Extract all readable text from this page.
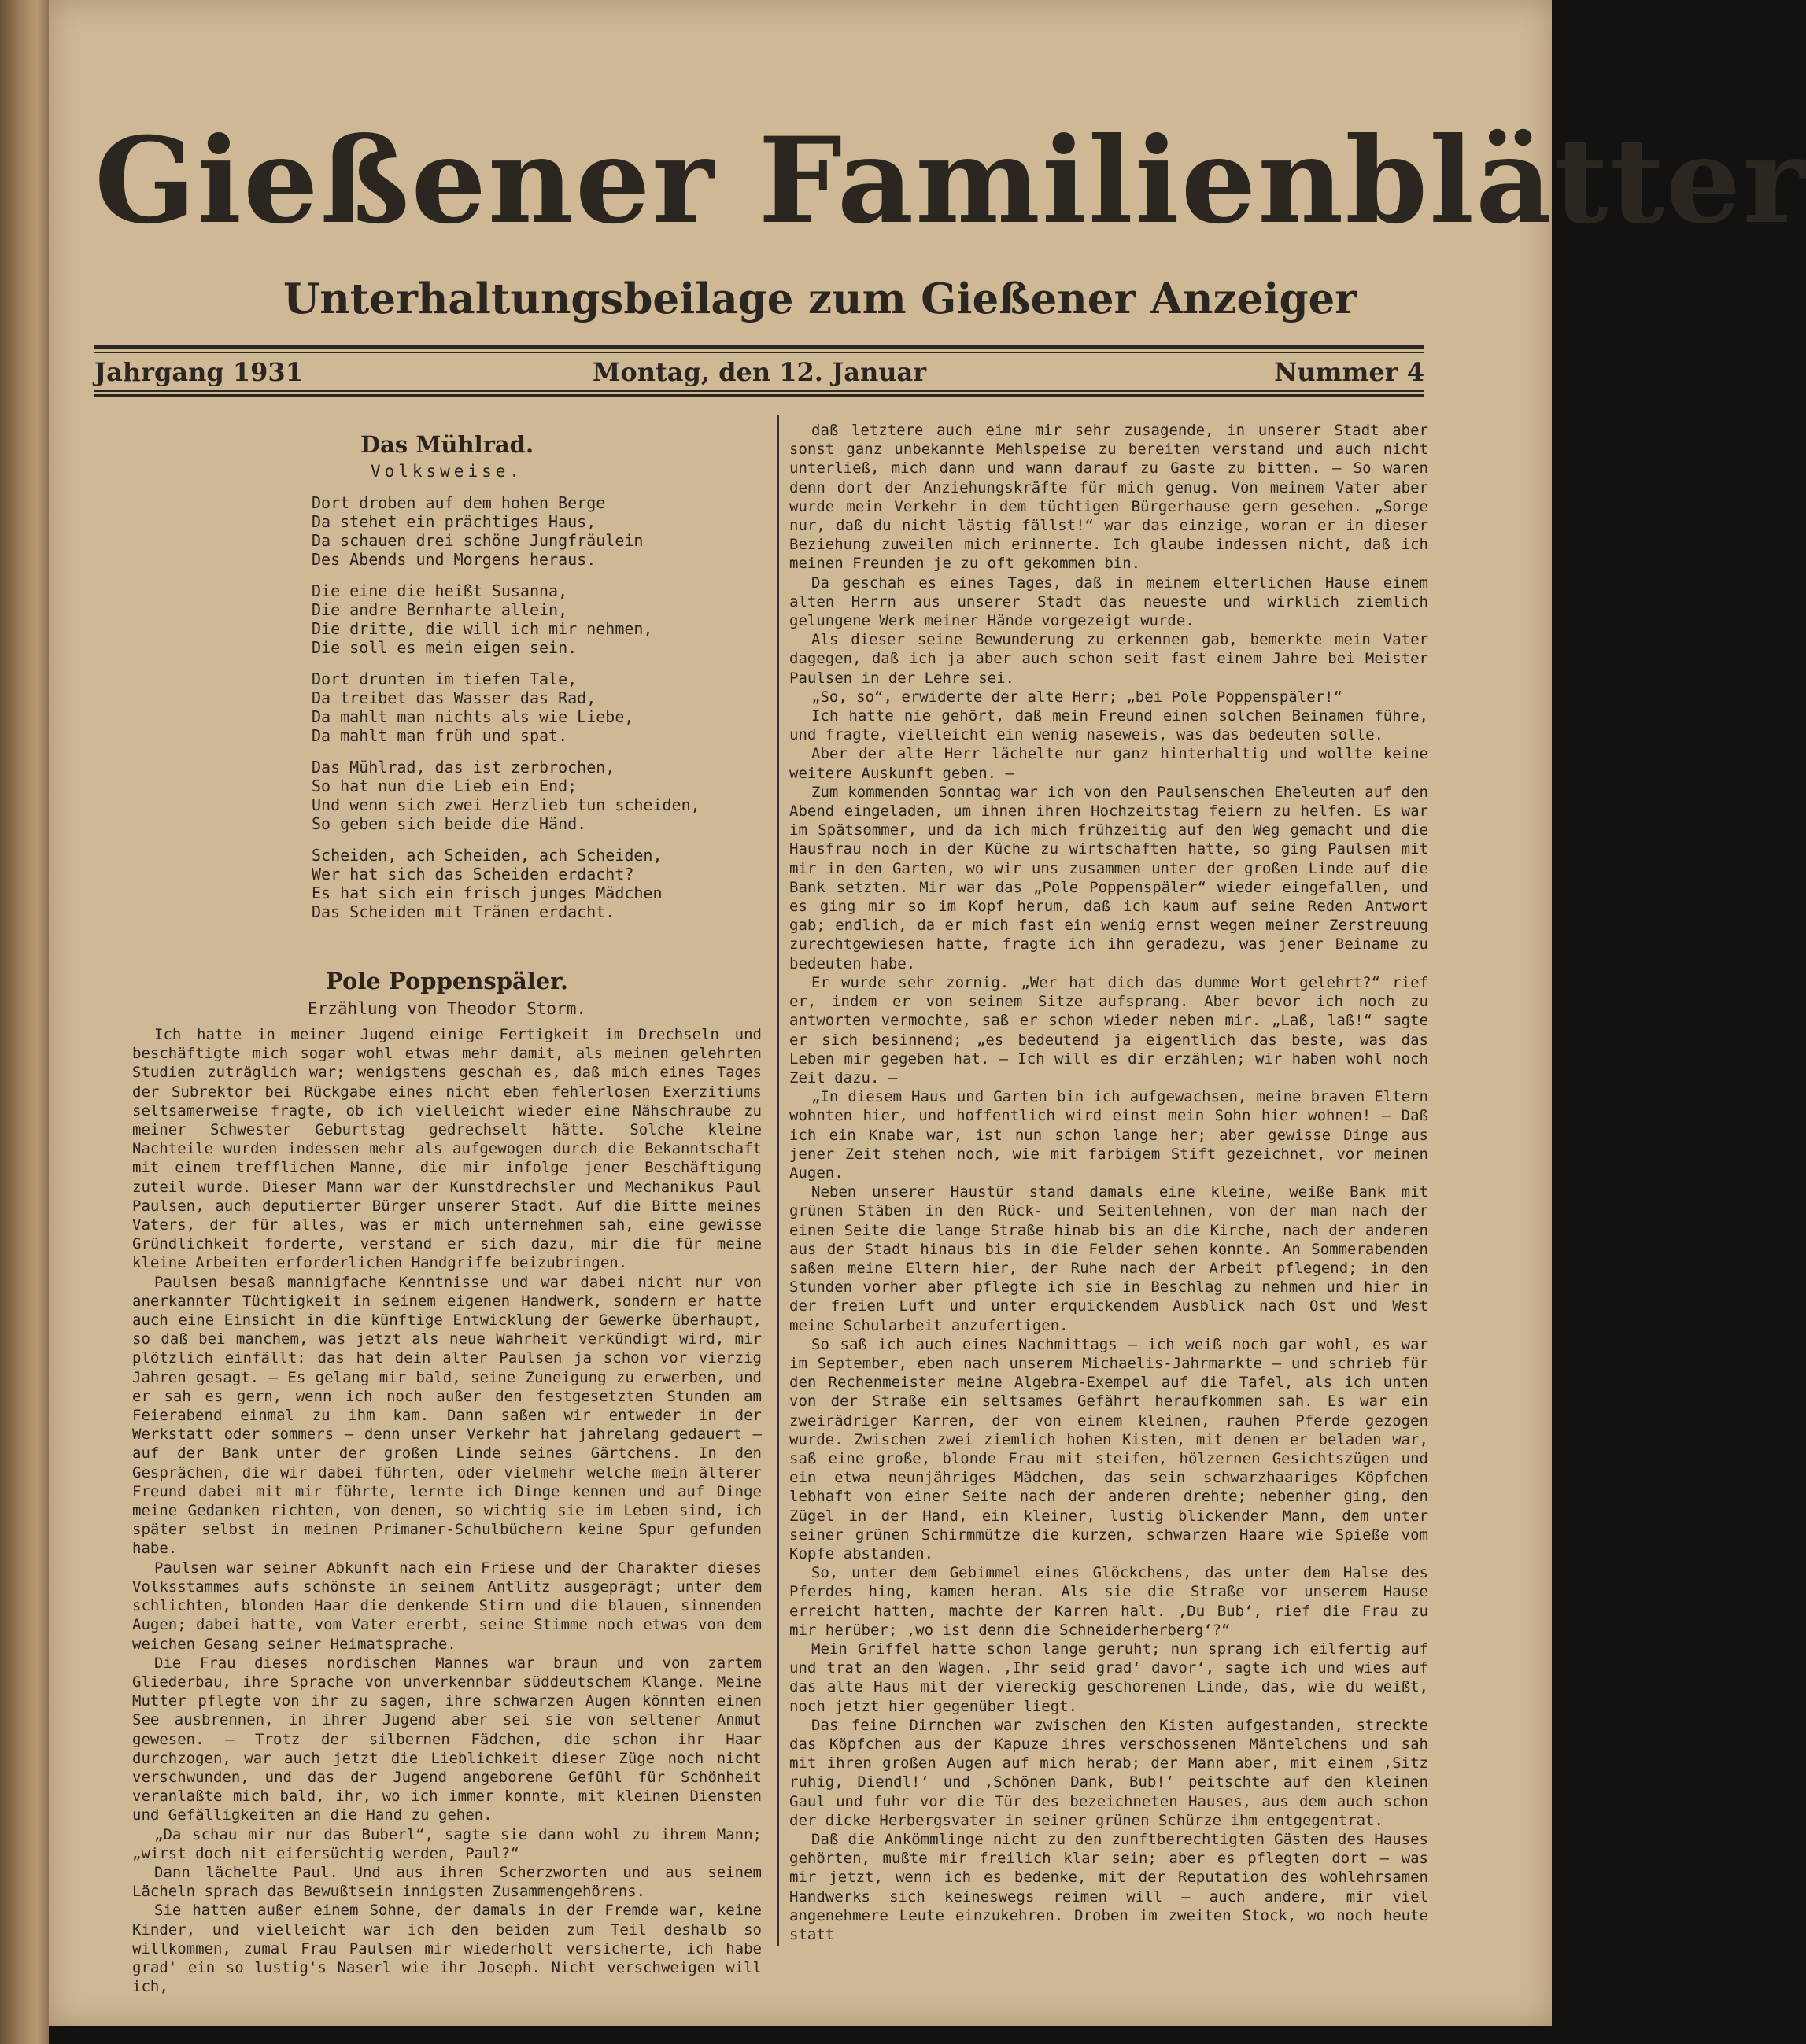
Gießener Familienblätter
Unterhaltungsbeilage zum Gießener Anzeiger
Montag, den 12. Januar
Jahrgang 1931	Nummer 4
Das Mühlrad.
Volksweise.
Dort droben auf dem hohen Berge
Da stehet ein prächtiges Haus,
Da schauen drei schöne Jungfräulein
Des Abends und Morgens heraus.
Die eine die heißt Susanna,
Die andre Bernharte allein,
Die dritte, die will ich mir nehmen,
Die soll es mein eigen sein.
Dort drunten im tiefen Tale,
Da treibet das Wasser das Rad,
Da mahlt man nichts als wie Liebe,
Da mahlt man früh und spat.
Das Mühlrad, das ist zerbrochen,
So hat nun die Lieb ein End;
Und wenn sich zwei Herzlieb tun scheiden,
So geben sich beide die Händ.
Scheiden, ach Scheiden, ach Scheiden,
Wer hat sich das Scheiden erdacht?
Es hat sich ein frisch junges Mädchen
Das Scheiden mit Tränen erdacht.
Pole Poppenspäler.
Erzählung von Theodor Storm.

Ich hatte in meiner Jugend einige Fertigkeit im Drechseln und beschäftigte mich sogar wohl etwas mehr damit, als meinen gelehrten Studien zuträglich war; wenigstens geschah es, daß mich eines Tages der Subrektor bei Rückgabe eines nicht eben fehlerlosen Exerzitiums seltsamerweise fragte, ob ich vielleicht wieder eine Nähschraube zu meiner Schwester Geburtstag gedrechselt hätte. Solche kleine Nachteile wurden indessen mehr als aufgewogen durch die Bekanntschaft mit einem trefflichen Manne, die mir infolge jener Beschäftigung zuteil wurde. Dieser Mann war der Kunstdrechsler und Mechanikus Paul Paulsen, auch deputierter Bürger unserer Stadt. Auf die Bitte meines Vaters, der für alles, was er mich unternehmen sah, eine gewisse Gründlichkeit forderte, verstand er sich dazu, mir die für meine kleine Arbeiten erforderlichen Handgriffe beizubringen.

Paulsen besaß mannigfache Kenntnisse und war dabei nicht nur von anerkannter Tüchtigkeit in seinem eigenen Handwerk, sondern er hatte auch eine Einsicht in die künftige Entwicklung der Gewerke überhaupt, so daß bei manchem, was jetzt als neue Wahrheit verkündigt wird, mir plötzlich einfällt: das hat dein alter Paulsen ja schon vor vierzig Jahren gesagt. — Es gelang mir bald, seine Zuneigung zu erwerben, und er sah es gern, wenn ich noch außer den festgesetzten Stunden am Feierabend einmal zu ihm kam. Dann saßen wir entweder in der Werkstatt oder sommers — denn unser Verkehr hat jahrelang gedauert — auf der Bank unter der großen Linde seines Gärtchens. In den Gesprächen, die wir dabei führten, oder vielmehr welche mein älterer Freund dabei mit mir führte, lernte ich Dinge kennen und auf Dinge meine Gedanken richten, von denen, so wichtig sie im Leben sind, ich später selbst in meinen Primaner-Schulbüchern keine Spur gefunden habe.

Paulsen war seiner Abkunft nach ein Friese und der Charakter dieses Volksstammes aufs schönste in seinem Antlitz ausgeprägt; unter dem schlichten, blonden Haar die denkende Stirn und die blauen, sinnenden Augen; dabei hatte, vom Vater ererbt, seine Stimme noch etwas von dem weichen Gesang seiner Heimatsprache.

Die Frau dieses nordischen Mannes war braun und von zartem Gliederbau, ihre Sprache von unverkennbar süddeutschem Klange. Meine Mutter pflegte von ihr zu sagen, ihre schwarzen Augen könnten einen See ausbrennen, in ihrer Jugend aber sei sie von seltener Anmut gewesen. — Trotz der silbernen Fädchen, die schon ihr Haar durchzogen, war auch jetzt die Lieblichkeit dieser Züge noch nicht verschwunden, und das der Jugend angeborene Gefühl für Schönheit veranlaßte mich bald, ihr, wo ich immer konnte, mit kleinen Diensten und Gefälligkeiten an die Hand zu gehen.

„Da schau mir nur das Buberl“, sagte sie dann wohl zu ihrem Mann; „wirst doch nit eifersüchtig werden, Paul?“

Dann lächelte Paul. Und aus ihren Scherzworten und aus seinem Lächeln sprach das Bewußtsein innigsten Zusammengehörens.

Sie hatten außer einem Sohne, der damals in der Fremde war, keine Kinder, und vielleicht war ich den beiden zum Teil deshalb so willkommen, zumal Frau Paulsen mir wiederholt versicherte, ich habe grad' ein so lustig's Naserl wie ihr Joseph. Nicht verschweigen will ich,

daß letztere auch eine mir sehr zusagende, in unserer Stadt aber sonst ganz unbekannte Mehlspeise zu bereiten verstand und auch nicht unterließ, mich dann und wann darauf zu Gaste zu bitten. — So waren denn dort der Anziehungskräfte für mich genug. Von meinem Vater aber wurde mein Verkehr in dem tüchtigen Bürgerhause gern gesehen. „Sorge nur, daß du nicht lästig fällst!“ war das einzige, woran er in dieser Beziehung zuweilen mich erinnerte. Ich glaube indessen nicht, daß ich meinen Freunden je zu oft gekommen bin.

Da geschah es eines Tages, daß in meinem elterlichen Hause einem alten Herrn aus unserer Stadt das neueste und wirklich ziemlich gelungene Werk meiner Hände vorgezeigt wurde.

Als dieser seine Bewunderung zu erkennen gab, bemerkte mein Vater dagegen, daß ich ja aber auch schon seit fast einem Jahre bei Meister Paulsen in der Lehre sei.

„So, so“, erwiderte der alte Herr; „bei Pole Poppenspäler!“

Ich hatte nie gehört, daß mein Freund einen solchen Beinamen führe, und fragte, vielleicht ein wenig naseweis, was das bedeuten solle.

Aber der alte Herr lächelte nur ganz hinterhaltig und wollte keine weitere Auskunft geben. —

Zum kommenden Sonntag war ich von den Paulsenschen Eheleuten auf den Abend eingeladen, um ihnen ihren Hochzeitstag feiern zu helfen. Es war im Spätsommer, und da ich mich frühzeitig auf den Weg gemacht und die Hausfrau noch in der Küche zu wirtschaften hatte, so ging Paulsen mit mir in den Garten, wo wir uns zusammen unter der großen Linde auf die Bank setzten. Mir war das „Pole Poppenspäler“ wieder eingefallen, und es ging mir so im Kopf herum, daß ich kaum auf seine Reden Antwort gab; endlich, da er mich fast ein wenig ernst wegen meiner Zerstreuung zurechtgewiesen hatte, fragte ich ihn geradezu, was jener Beiname zu bedeuten habe.

Er wurde sehr zornig. „Wer hat dich das dumme Wort gelehrt?“ rief er, indem er von seinem Sitze aufsprang. Aber bevor ich noch zu antworten vermochte, saß er schon wieder neben mir. „Laß, laß!“ sagte er sich besinnend; „es bedeutend ja eigentlich das beste, was das Leben mir gegeben hat. — Ich will es dir erzählen; wir haben wohl noch Zeit dazu. —

„In diesem Haus und Garten bin ich aufgewachsen, meine braven Eltern wohnten hier, und hoffentlich wird einst mein Sohn hier wohnen! — Daß ich ein Knabe war, ist nun schon lange her; aber gewisse Dinge aus jener Zeit stehen noch, wie mit farbigem Stift gezeichnet, vor meinen Augen.

Neben unserer Haustür stand damals eine kleine, weiße Bank mit grünen Stäben in den Rück- und Seitenlehnen, von der man nach der einen Seite die lange Straße hinab bis an die Kirche, nach der anderen aus der Stadt hinaus bis in die Felder sehen konnte. An Sommerabenden saßen meine Eltern hier, der Ruhe nach der Arbeit pflegend; in den Stunden vorher aber pflegte ich sie in Beschlag zu nehmen und hier in der freien Luft und unter erquickendem Ausblick nach Ost und West meine Schularbeit anzufertigen.

So saß ich auch eines Nachmittags — ich weiß noch gar wohl, es war im September, eben nach unserem Michaelis-Jahrmarkte — und schrieb für den Rechenmeister meine Algebra-Exempel auf die Tafel, als ich unten von der Straße ein seltsames Gefährt heraufkommen sah. Es war ein zweirädriger Karren, der von einem kleinen, rauhen Pferde gezogen wurde. Zwischen zwei ziemlich hohen Kisten, mit denen er beladen war, saß eine große, blonde Frau mit steifen, hölzernen Gesichtszügen und ein etwa neunjähriges Mädchen, das sein schwarzhaariges Köpfchen lebhaft von einer Seite nach der anderen drehte; nebenher ging, den Zügel in der Hand, ein kleiner, lustig blickender Mann, dem unter seiner grünen Schirmmütze die kurzen, schwarzen Haare wie Spieße vom Kopfe abstanden.

So, unter dem Gebimmel eines Glöckchens, das unter dem Halse des Pferdes hing, kamen heran. Als sie die Straße vor unserem Hause erreicht hatten, machte der Karren halt. ‚Du Bub‘, rief die Frau zu mir herüber; ‚wo ist denn die Schneiderherberg‘?“

Mein Griffel hatte schon lange geruht; nun sprang ich eilfertig auf und trat an den Wagen. ‚Ihr seid grad‘ davor‘, sagte ich und wies auf das alte Haus mit der viereckig geschorenen Linde, das, wie du weißt, noch jetzt hier gegenüber liegt.

Das feine Dirnchen war zwischen den Kisten aufgestanden, streckte das Köpfchen aus der Kapuze ihres verschossenen Mäntelchens und sah mit ihren großen Augen auf mich herab; der Mann aber, mit einem ‚Sitz ruhig, Diendl!‘ und ‚Schönen Dank, Bub!‘ peitschte auf den kleinen Gaul und fuhr vor die Tür des bezeichneten Hauses, aus dem auch schon der dicke Herbergsvater in seiner grünen Schürze ihm entgegentrat.

Daß die Ankömmlinge nicht zu den zunftberechtigten Gästen des Hauses gehörten, mußte mir freilich klar sein; aber es pflegten dort — was mir jetzt, wenn ich es bedenke, mit der Reputation des wohlehrsamen Handwerks sich keineswegs reimen will — auch andere, mir viel angenehmere Leute einzukehren. Droben im zweiten Stock, wo noch heute statt
